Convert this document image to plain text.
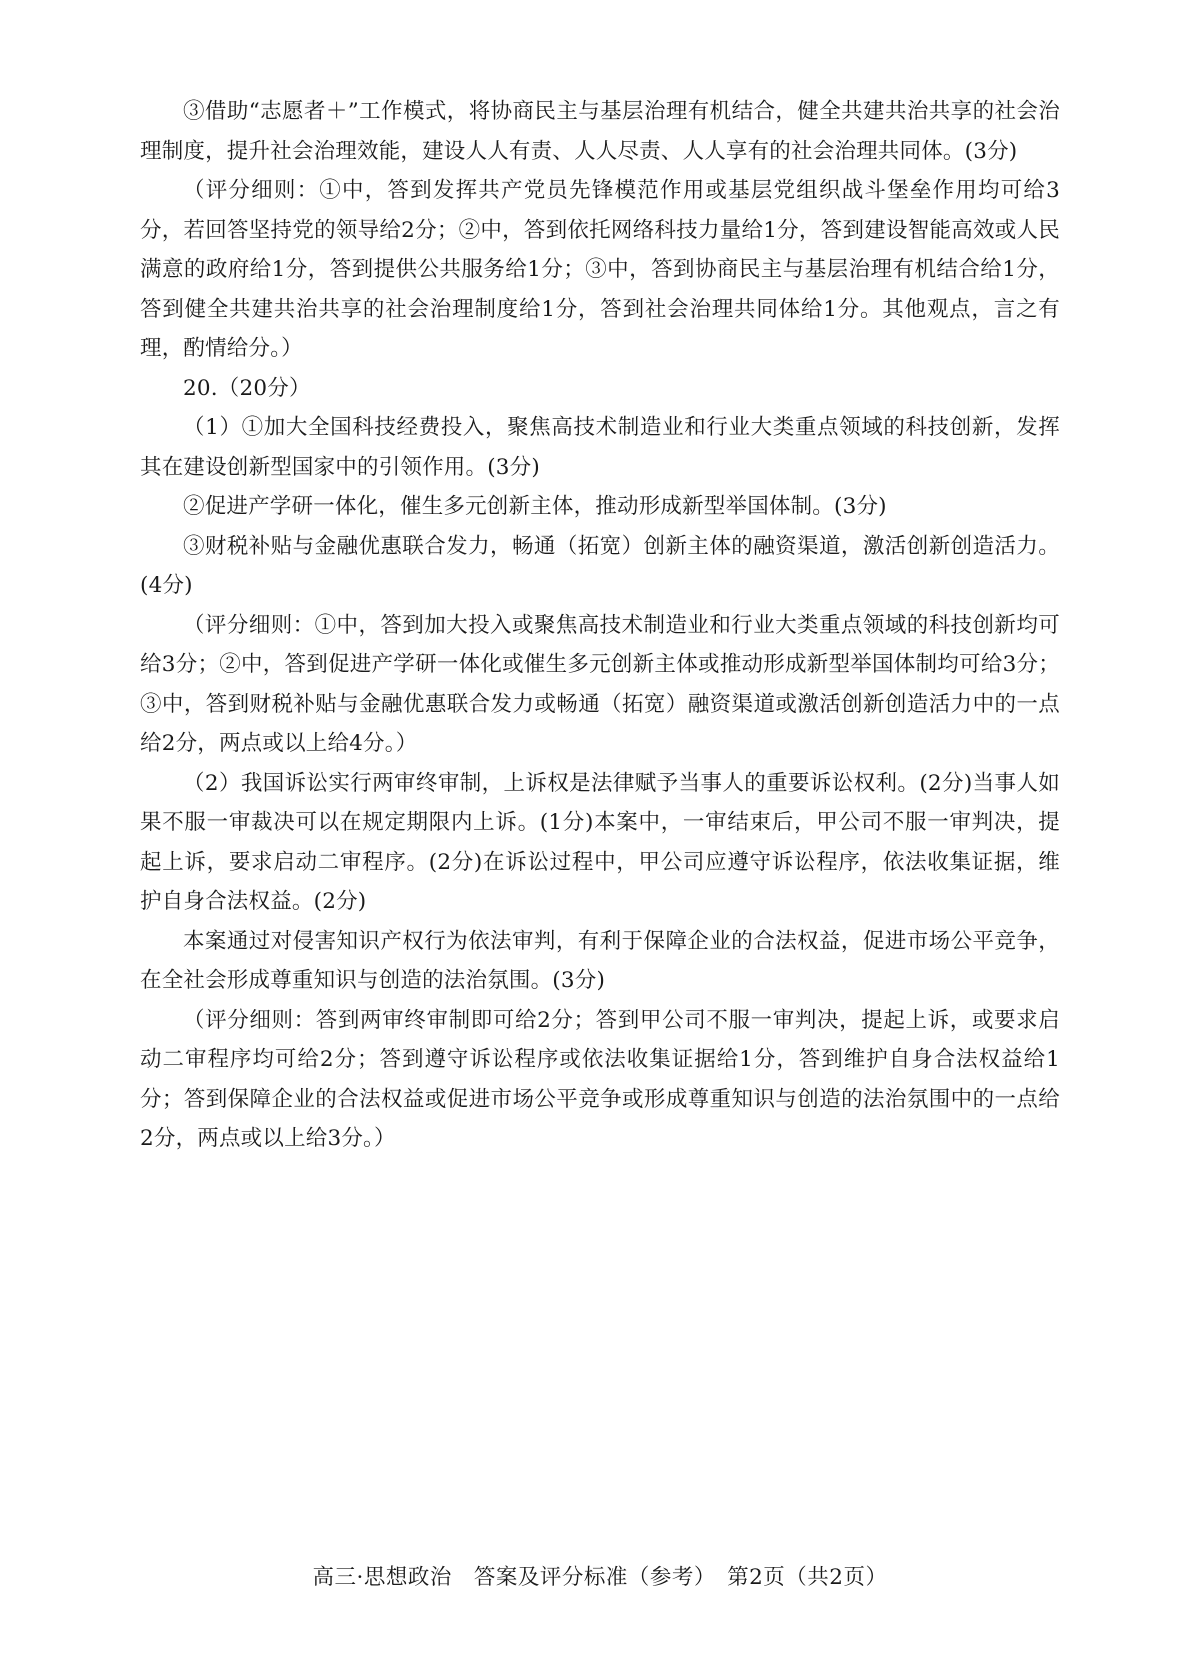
③借助“志愿者＋”工作模式，将协商民主与基层治理有机结合，健全共建共治共享的社会治理制度，提升社会治理效能，建设人人有责、人人尽责、人人享有的社会治理共同体。(3分)

（评分细则：①中，答到发挥共产党员先锋模范作用或基层党组织战斗堡垒作用均可给3分，若回答坚持党的领导给2分；②中，答到依托网络科技力量给1分，答到建设智能高效或人民满意的政府给1分，答到提供公共服务给1分；③中，答到协商民主与基层治理有机结合给1分，答到健全共建共治共享的社会治理制度给1分，答到社会治理共同体给1分。其他观点，言之有理，酌情给分。）

20.（20分）

（1）①加大全国科技经费投入，聚焦高技术制造业和行业大类重点领域的科技创新，发挥其在建设创新型国家中的引领作用。(3分)

②促进产学研一体化，催生多元创新主体，推动形成新型举国体制。(3分)

③财税补贴与金融优惠联合发力，畅通（拓宽）创新主体的融资渠道，激活创新创造活力。(4分)

（评分细则：①中，答到加大投入或聚焦高技术制造业和行业大类重点领域的科技创新均可给3分；②中，答到促进产学研一体化或催生多元创新主体或推动形成新型举国体制均可给3分；③中，答到财税补贴与金融优惠联合发力或畅通（拓宽）融资渠道或激活创新创造活力中的一点给2分，两点或以上给4分。）

（2）我国诉讼实行两审终审制，上诉权是法律赋予当事人的重要诉讼权利。(2分)当事人如果不服一审裁决可以在规定期限内上诉。(1分)本案中，一审结束后，甲公司不服一审判决，提起上诉，要求启动二审程序。(2分)在诉讼过程中，甲公司应遵守诉讼程序，依法收集证据，维护自身合法权益。(2分)

本案通过对侵害知识产权行为依法审判，有利于保障企业的合法权益，促进市场公平竞争，在全社会形成尊重知识与创造的法治氛围。(3分)

（评分细则：答到两审终审制即可给2分；答到甲公司不服一审判决，提起上诉，或要求启动二审程序均可给2分；答到遵守诉讼程序或依法收集证据给1分，答到维护自身合法权益给1分；答到保障企业的合法权益或促进市场公平竞争或形成尊重知识与创造的法治氛围中的一点给2分，两点或以上给3分。）

高三·思想政治　答案及评分标准（参考）　第2页（共2页）
